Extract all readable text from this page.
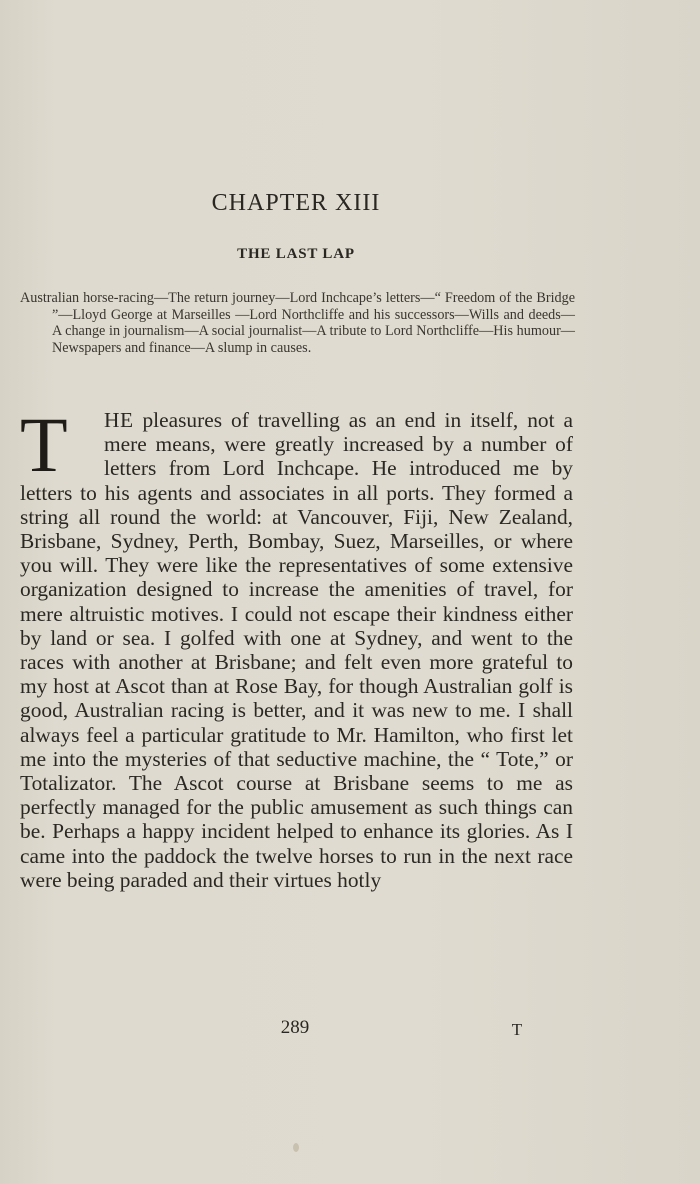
CHAPTER XIII
THE LAST LAP
Australian horse-racing—The return journey—Lord Inchcape’s letters—“ Freedom of the Bridge ”—Lloyd George at Marseilles —Lord Northcliffe and his successors—Wills and deeds—A change in journalism—A social journalist—A tribute to Lord Northcliffe—His humour—Newspapers and finance—A slump in causes.
T	HE pleasures of travelling as an end in itself, not a mere means, were greatly increased by a number of letters from Lord Inchcape. He introduced me by letters to his agents and associates in all ports. They formed a string all round the world: at Vancouver, Fiji, New Zealand, Brisbane, Sydney, Perth, Bombay, Suez, Marseilles, or where you will. They were like the representatives of some extensive organization designed to increase the amenities of travel, for mere altruistic motives. I could not escape their kindness either by land or sea. I golfed with one at Sydney, and went to the races with another at Brisbane; and felt even more grateful to my host at Ascot than at Rose Bay, for though Australian golf is good, Australian racing is better, and it was new to me. I shall always feel a particular gratitude to Mr. Hamilton, who first let me into the mysteries of that seductive machine, the “ Tote,” or Totalizator. The Ascot course at Brisbane seems to me as perfectly managed for the public amusement as such things can be. Perhaps a happy incident helped to enhance its glories. As I came into the paddock the twelve horses to run in the next race were being paraded and their virtues hotly
289	T
